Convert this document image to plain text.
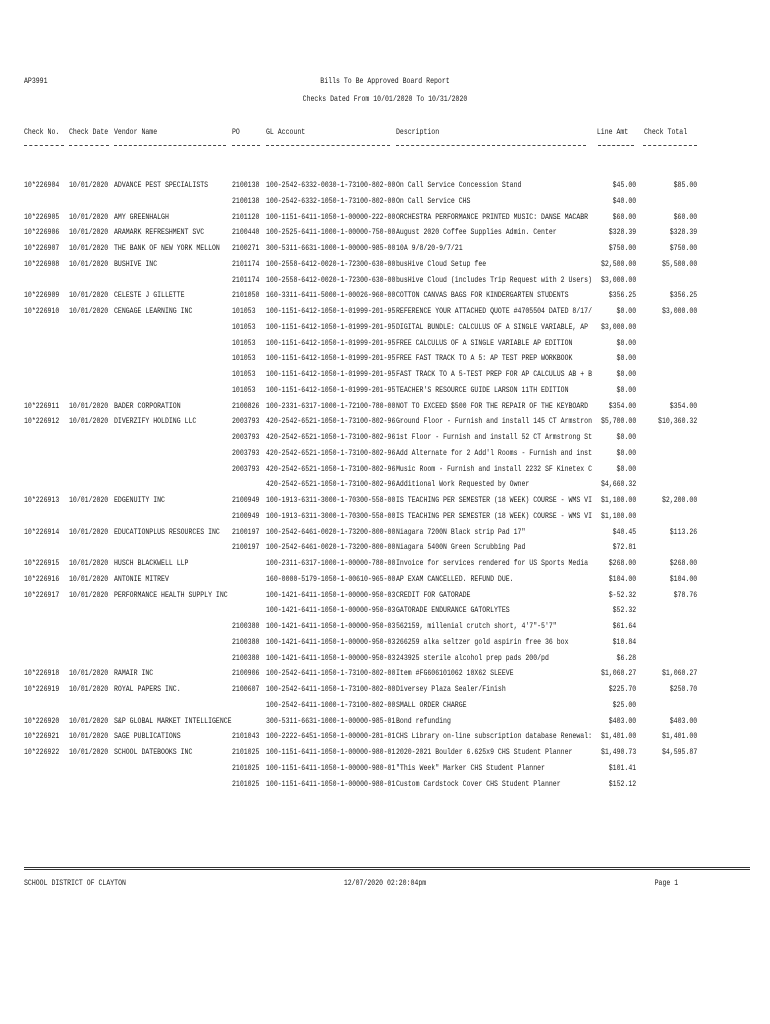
AP3991	Bills To Be Approved Board Report
Checks Dated From 10/01/2020 To 10/31/2020
Check No. Check Date Vendor Name	PO	GL Account	Description	Line Amt Check Total
10*226904 10/01/2020 ADVANCE PEST SPECIALISTS	2100138 100-2542-6332-0030-1-73100-802-00 On Call Service Concession Stand	$45.00	$85.00
2100138 100-2542-6332-1050-1-73100-802-00 On Call Service CHS	$40.00
10*226905 10/01/2020 AMY GREENHALGH	2101120 100-1151-6411-1050-1-00000-222-00 ORCHESTRA PERFORMANCE PRINTED MUSIC: DANSE MACABR	$60.00	$60.00
10*226906 10/01/2020 ARAMARK REFRESHMENT SVC	2100440 100-2525-6411-1000-1-00000-750-00 August 2020 Coffee Supplies Admin. Center	$328.39	$328.39
10*226907 10/01/2020 THE BANK OF NEW YORK MELLON 2100271 300-5311-6631-1000-1-00000-985-00 10A 9/8/20-9/7/21	$750.00	$750.00
10*226908 10/01/2020 BUSHIVE INC	2101174 100-2558-6412-0020-1-72300-630-00 busHive Cloud Setup fee	$2,500.00	$5,500.00
2101174 100-2558-6412-0020-1-72300-630-00 busHive Cloud (includes Trip Request with 2 Users) $3,000.00
10*226909 10/01/2020 CELESTE J GILLETTE	2101050 160-3311-6411-5000-1-00026-960-00 COTTON CANVAS BAGS FOR KINDERGARTEN STUDENTS	$356.25	$356.25
10*226910 10/01/2020 CENGAGE LEARNING INC	101053 100-1151-6412-1050-1-01999-201-95 REFERENCE YOUR ATTACHED QUOTE #4705504 DATED 8/17/	$0.00	$3,000.00
101053 100-1151-6412-1050-1-01999-201-95 DIGITAL BUNDLE: CALCULUS OF A SINGLE VARIABLE, AP $3,000.00
101053 100-1151-6412-1050-1-01999-201-95 FREE CALCULUS OF A SINGLE VARIABLE AP EDITION	$0.00
101053 100-1151-6412-1050-1-01999-201-95 FREE FAST TRACK TO A 5: AP TEST PREP WORKBOOK	$0.00
101053 100-1151-6412-1050-1-01999-201-95 FAST TRACK TO A 5-TEST PREP FOR AP CALCULUS AB + B	$0.00
101053 100-1151-6412-1050-1-01999-201-95 TEACHER'S RESOURCE GUIDE LARSON 11TH EDITION	$0.00
10*226911 10/01/2020 BADER CORPORATION	2100826 100-2331-6317-1000-1-72100-780-00 NOT TO EXCEED $500 FOR THE REPAIR OF THE KEYBOARD $354.00	$354.00
10*226912 10/01/2020 DIVERZIFY HOLDING LLC	2003793 420-2542-6521-1050-1-73100-802-96 Ground Floor - Furnish and install 145 CT Armstron $5,700.00	$10,360.32
2003793 420-2542-6521-1050-1-73100-802-96 1st Floor - Furnish and install 52 CT Armstrong St	$0.00
2003793 420-2542-6521-1050-1-73100-802-96 Add Alternate for 2 Add'l Rooms - Furnish and inst	$0.00
2003793 420-2542-6521-1050-1-73100-802-96 Music Room - Furnish and install 2232 SF Kinetex C	$0.00
420-2542-6521-1050-1-73100-802-96 Additional Work Requested by Owner	$4,660.32
10*226913 10/01/2020 EDGENUITY INC	2100949 100-1913-6311-3000-1-70300-558-00 IS TEACHING PER SEMESTER (18 WEEK) COURSE - WMS VI $1,100.00	$2,200.00
2100949 100-1913-6311-3000-1-70300-558-00 IS TEACHING PER SEMESTER (18 WEEK) COURSE - WMS VI $1,100.00
10*226914 10/01/2020 EDUCATIONPLUS RESOURCES INC 2100197 100-2542-6461-0020-1-73200-800-00 Niagara 7200N Black strip Pad 17"	$40.45	$113.26
2100197 100-2542-6461-0020-1-73200-800-00 Niagara 5400N Green Scrubbing Pad	$72.81
10*226915 10/01/2020 HUSCH BLACKWELL LLP	100-2311-6317-1000-1-00000-780-00 Invoice for services rendered for US Sports Media $268.00	$268.00
10*226916 10/01/2020 ANTONIE MITREV	160-0000-5179-1050-1-00610-965-00 AP EXAM CANCELLED. REFUND DUE.	$104.00	$104.00
10*226917 10/01/2020 PERFORMANCE HEALTH SUPPLY INC	100-1421-6411-1050-1-00000-950-03 CREDIT FOR GATORADE	$-52.32	$78.76
100-1421-6411-1050-1-00000-950-03 GATORADE ENDURANCE GATORLYTES	$52.32
2100380 100-1421-6411-1050-1-00000-950-03 562159, millenial crutch short, 4'7"-5'7"	$61.64
2100380 100-1421-6411-1050-1-00000-950-03 266259 alka seltzer gold aspirin free 36 box	$10.84
2100380 100-1421-6411-1050-1-00000-950-03 243925 sterile alcohol prep pads 200/pd	$6.28
10*226918 10/01/2020 RAMAIR INC	2100906 100-2542-6411-1050-1-73100-802-00 Item #FG606101062 10X62 SLEEVE	$1,060.27	$1,060.27
10*226919 10/01/2020 ROYAL PAPERS INC.	2100607 100-2542-6411-1050-1-73100-802-00 Diversey Plaza Sealer/Finish	$225.70	$250.70
100-2542-6411-1000-1-73100-802-00 SMALL ORDER CHARGE	$25.00
10*226920 10/01/2020 S&P GLOBAL MARKET INTELLIGENCE	300-5311-6631-1000-1-00000-985-01 Bond refunding	$403.00	$403.00
10*226921 10/01/2020 SAGE PUBLICATIONS	2101043 100-2222-6451-1050-1-00000-281-01 CHS Library on-line subscription database Renewal: $1,401.00	$1,401.00
10*226922 10/01/2020 SCHOOL DATEBOOKS INC	2101025 100-1151-6411-1050-1-00000-980-01 2020-2021 Boulder 6.625x9 CHS Student Planner	$1,490.73	$4,595.87
2101025 100-1151-6411-1050-1-00000-980-01 "This Week" Marker CHS Student Planner	$101.41
2101025 100-1151-6411-1050-1-00000-980-01 Custom Cardstock Cover CHS Student Planner	$152.12
SCHOOL DISTRICT OF CLAYTON	12/07/2020 02:20:04pm	Page 1
